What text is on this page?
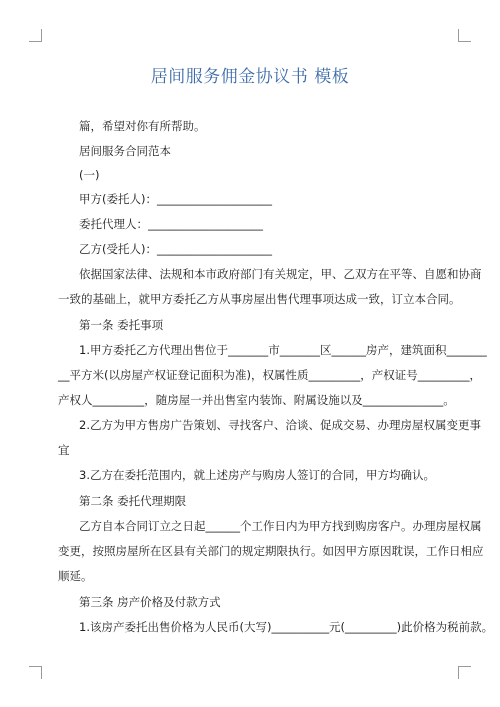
居间服务佣金协议书 模板
篇，希望对你有所帮助。
居间服务合同范本
(一)
甲方(委托人)：____________________
委托代理人：____________________
乙方(受托人)：____________________
依据国家法律、法规和本市政府部门有关规定，甲、乙双方在平等、自愿和协商
一致的基础上，就甲方委托乙方从事房屋出售代理事项达成一致，订立本合同。
第一条 委托事项
1.甲方委托乙方代理出售位于_______市_______区______房产，建筑面积_______
__平方米(以房屋产权证登记面积为准)，权属性质_________，产权证号_________，
产权人_________，随房屋一并出售室内装饰、附属设施以及______________。
2.乙方为甲方售房广告策划、寻找客户、洽谈、促成交易、办理房屋权属变更事
宜
3.乙方在委托范围内，就上述房产与购房人签订的合同，甲方均确认。
第二条 委托代理期限
乙方自本合同订立之日起______个工作日内为甲方找到购房客户。办理房屋权属
变更，按照房屋所在区县有关部门的规定期限执行。如因甲方原因耽误，工作日相应
顺延。
第三条 房产价格及付款方式
1.该房产委托出售价格为人民币(大写)__________元(_________)此价格为税前款。
